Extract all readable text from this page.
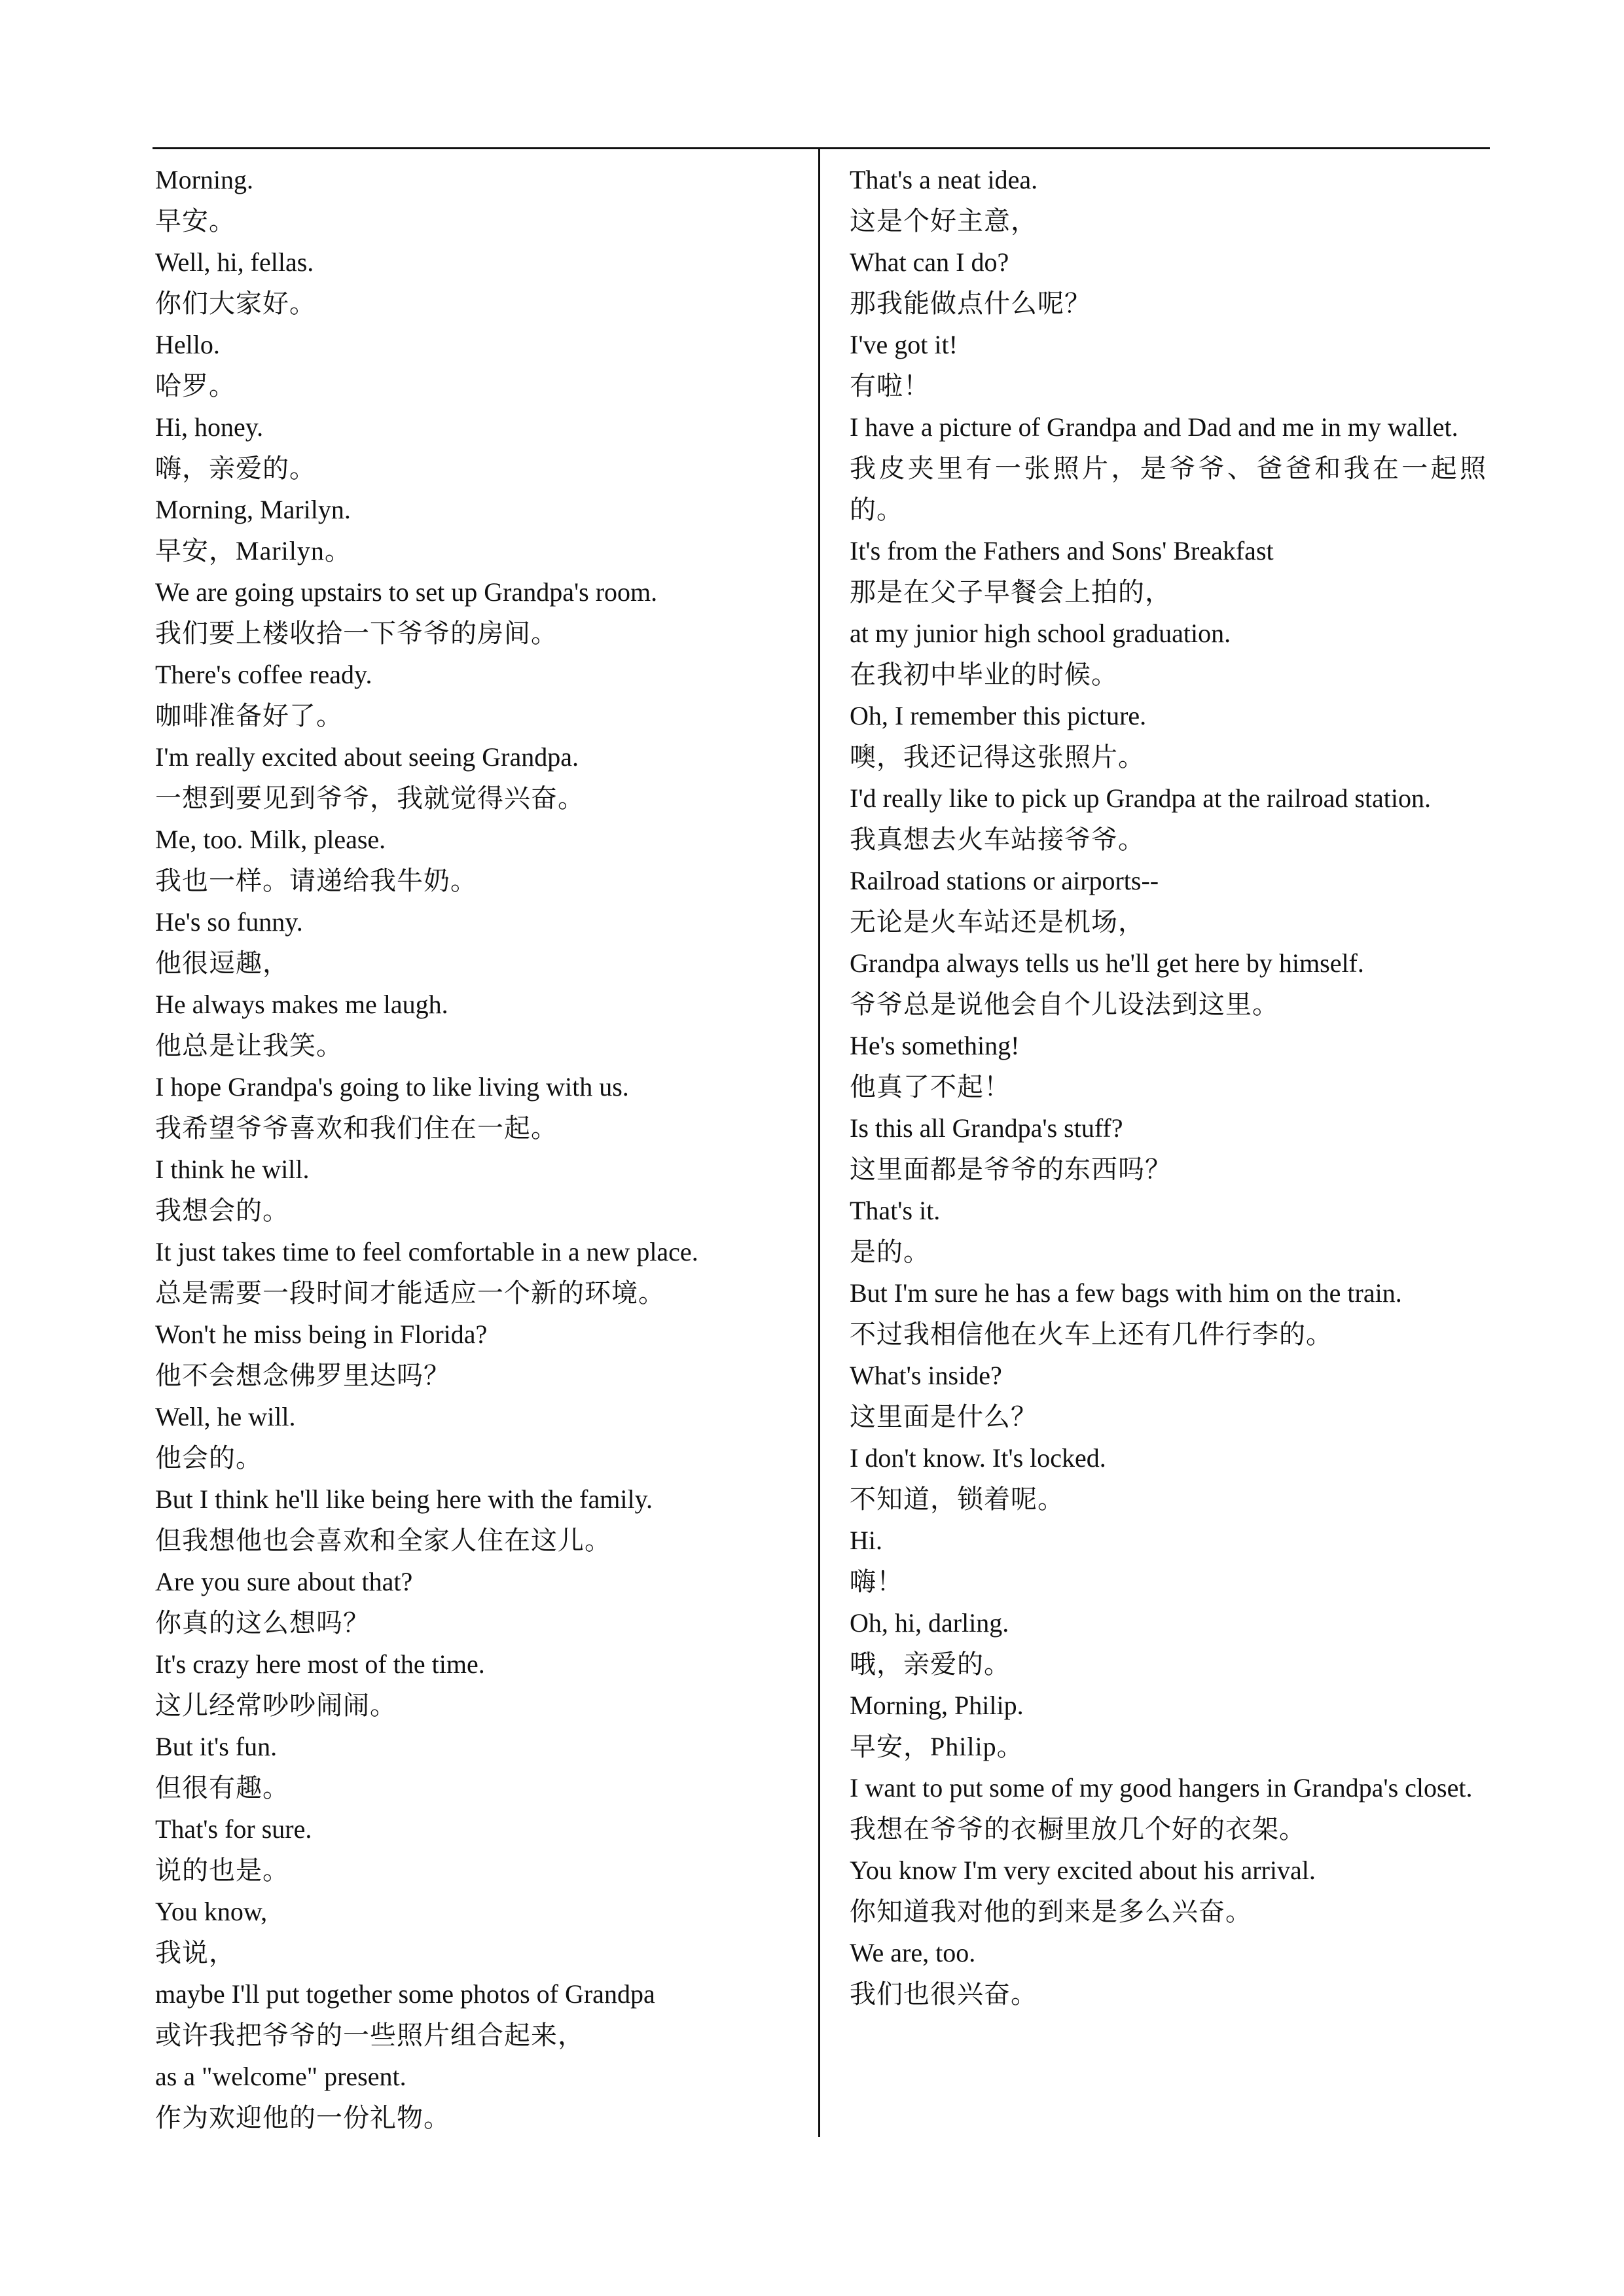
Morning.
早安。
Well, hi, fellas.
你们大家好。
Hello.
哈罗。
Hi, honey.
嗨，亲爱的。
Morning, Marilyn.
早安，Marilyn。
We are going upstairs to set up Grandpa's room.
我们要上楼收拾一下爷爷的房间。
There's coffee ready.
咖啡准备好了。
I'm really excited about seeing Grandpa.
一想到要见到爷爷，我就觉得兴奋。
Me, too. Milk, please.
我也一样。请递给我牛奶。
He's so funny.
他很逗趣，
He always makes me laugh.
他总是让我笑。
I hope Grandpa's going to like living with us.
我希望爷爷喜欢和我们住在一起。
I think he will.
我想会的。
It just takes time to feel comfortable in a new place.
总是需要一段时间才能适应一个新的环境。
Won't he miss being in Florida?
他不会想念佛罗里达吗？
Well, he will.
他会的。
But I think he'll like being here with the family.
但我想他也会喜欢和全家人住在这儿。
Are you sure about that?
你真的这么想吗？
It's crazy here most of the time.
这儿经常吵吵闹闹。
But it's fun.
但很有趣。
That's for sure.
说的也是。
You know,
我说，
maybe I'll put together some photos of Grandpa
或许我把爷爷的一些照片组合起来，
as a "welcome" present.
作为欢迎他的一份礼物。
That's a neat idea.
这是个好主意，
What can I do?
那我能做点什么呢？
I've got it!
有啦！
I have a picture of Grandpa and Dad and me in my wallet.
我皮夹里有一张照片，是爷爷、爸爸和我在一起照的。
It's from the Fathers and Sons' Breakfast
那是在父子早餐会上拍的，
at my junior high school graduation.
在我初中毕业的时候。
Oh, I remember this picture.
噢，我还记得这张照片。
I'd really like to pick up Grandpa at the railroad station.
我真想去火车站接爷爷。
Railroad stations or airports--
无论是火车站还是机场，
Grandpa always tells us he'll get here by himself.
爷爷总是说他会自个儿设法到这里。
He's something!
他真了不起！
Is this all Grandpa's stuff?
这里面都是爷爷的东西吗？
That's it.
是的。
But I'm sure he has a few bags with him on the train.
不过我相信他在火车上还有几件行李的。
What's inside?
这里面是什么？
I don't know. It's locked.
不知道，锁着呢。
Hi.
嗨！
Oh, hi, darling.
哦，亲爱的。
Morning, Philip.
早安，Philip。
I want to put some of my good hangers in Grandpa's closet.
我想在爷爷的衣橱里放几个好的衣架。
You know I'm very excited about his arrival.
你知道我对他的到来是多么兴奋。
We are, too.
我们也很兴奋。
